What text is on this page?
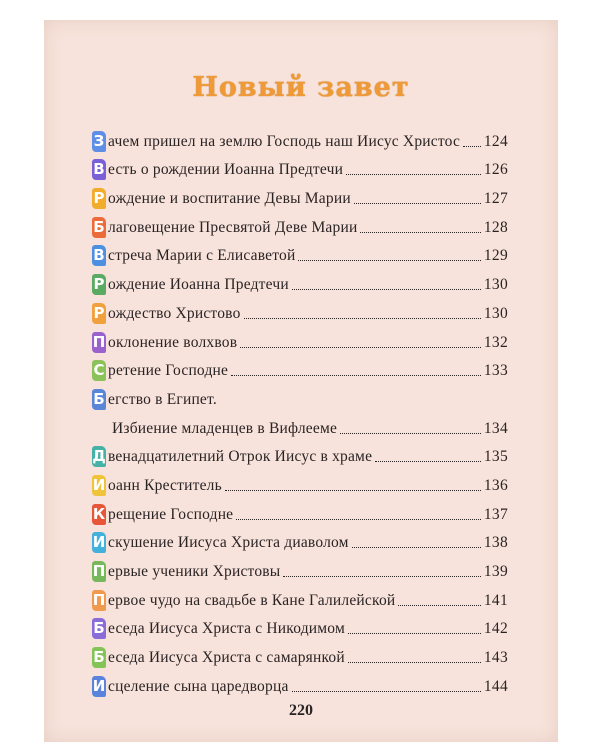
Новый завет
З ачем пришел на землю Господь наш Иисус Христос 124
В есть о рождении Иоанна Предтечи	126
Р ождение и воспитание Девы Марии	127
Б лаговещение Пресвятой Деве Марии	128
В стреча Марии с Елисаветой	129
Р ождение Иоанна Предтечи	130
Р ождество Христово	130
П оклонение волхвов	132
С ретение Господне	133
Б егство в Египет.
Избиение младенцев в Вифлееме	134
Д венадцатилетний Отрок Иисус в храме	135
И оанн Креститель	136
К рещение Господне	137
И скушение Иисуса Христа диаволом	138
П ервые ученики Христовы	139
П ервое чудо на свадьбе в Кане Галилейской	141
Б еседа Иисуса Христа с Никодимом	142
Б еседа Иисуса Христа с самарянкой	143
И сцеление сына царедворца	144
220
